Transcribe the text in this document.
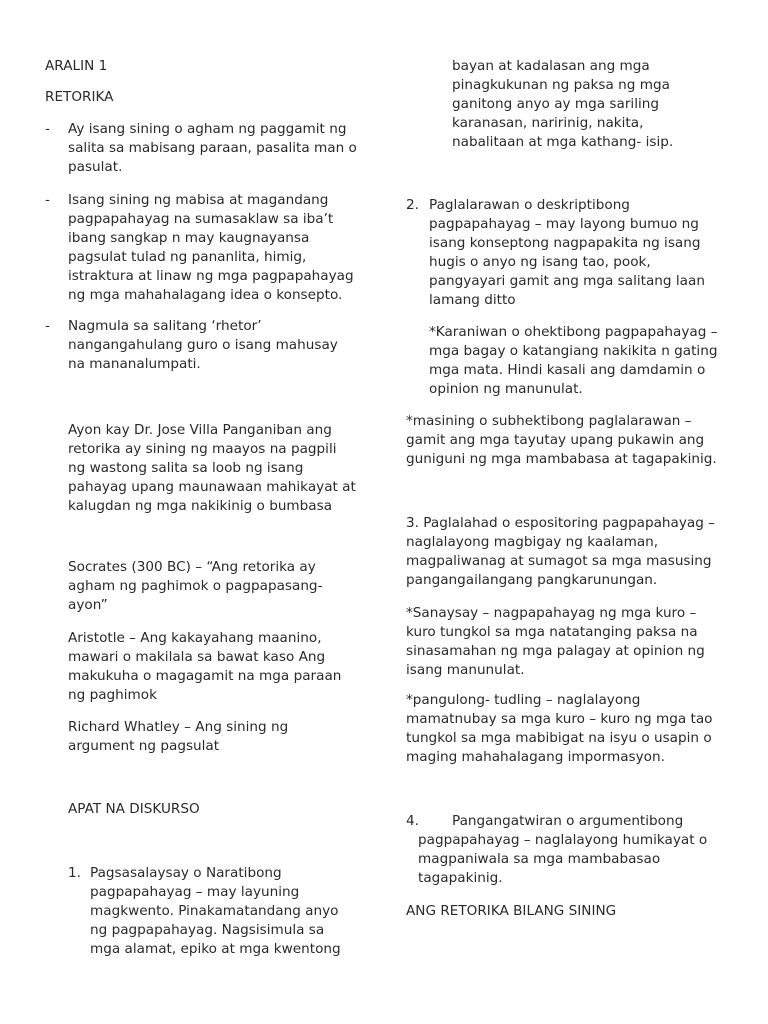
ARALIN 1
RETORIKA
- Ay isang sining o agham ng paggamit ng
salita sa mabisang paraan, pasalita man o
pasulat.
- Isang sining ng mabisa at magandang
pagpapahayag na sumasaklaw sa iba’t
ibang sangkap n may kaugnayansa
pagsulat tulad ng pananlita, himig,
istraktura at linaw ng mga pagpapahayag
ng mga mahahalagang idea o konsepto.
- Nagmula sa salitang ‘rhetor’
nangangahulang guro o isang mahusay
na mananalumpati.
Ayon kay Dr. Jose Villa Panganiban ang
retorika ay sining ng maayos na pagpili
ng wastong salita sa loob ng isang
pahayag upang maunawaan mahikayat at
kalugdan ng mga nakikinig o bumbasa
Socrates (300 BC) – “Ang retorika ay
agham ng paghimok o pagpapasang-
ayon”
Aristotle – Ang kakayahang maanino,
mawari o makilala sa bawat kaso Ang
makukuha o magagamit na mga paraan
ng paghimok
Richard Whatley – Ang sining ng
argument ng pagsulat
APAT NA DISKURSO
1. Pagsasalaysay o Naratibong
pagpapahayag – may layuning
magkwento. Pinakamatandang anyo
ng pagpapahayag. Nagsisimula sa
mga alamat, epiko at mga kwentong
bayan at kadalasan ang mga
pinagkukunan ng paksa ng mga
ganitong anyo ay mga sariling
karanasan, naririnig, nakita,
nabalitaan at mga kathang- isip.
2. Paglalarawan o deskriptibong
pagpapahayag – may layong bumuo ng
isang konseptong nagpapakita ng isang
hugis o anyo ng isang tao, pook,
pangyayari gamit ang mga salitang laan
lamang ditto
*Karaniwan o ohektibong pagpapahayag –
mga bagay o katangiang nakikita n gating
mga mata. Hindi kasali ang damdamin o
opinion ng manunulat.
*masining o subhektibong paglalarawan –
gamit ang mga tayutay upang pukawin ang
guniguni ng mga mambabasa at tagapakinig.
3. Paglalahad o espositoring pagpapahayag –
naglalayong magbigay ng kaalaman,
magpaliwanag at sumagot sa mga masusing
pangangailangang pangkarunungan.
*Sanaysay – nagpapahayag ng mga kuro –
kuro tungkol sa mga natatanging paksa na
sinasamahan ng mga palagay at opinion ng
isang manunulat.
*pangulong- tudling – naglalayong
mamatnubay sa mga kuro – kuro ng mga tao
tungkol sa mga mabibigat na isyu o usapin o
maging mahahalagang impormasyon.
4. Pangangatwiran o argumentibong
pagpapahayag – naglalayong humikayat o
magpaniwala sa mga mambabasao
tagapakinig.
ANG RETORIKA BILANG SINING
